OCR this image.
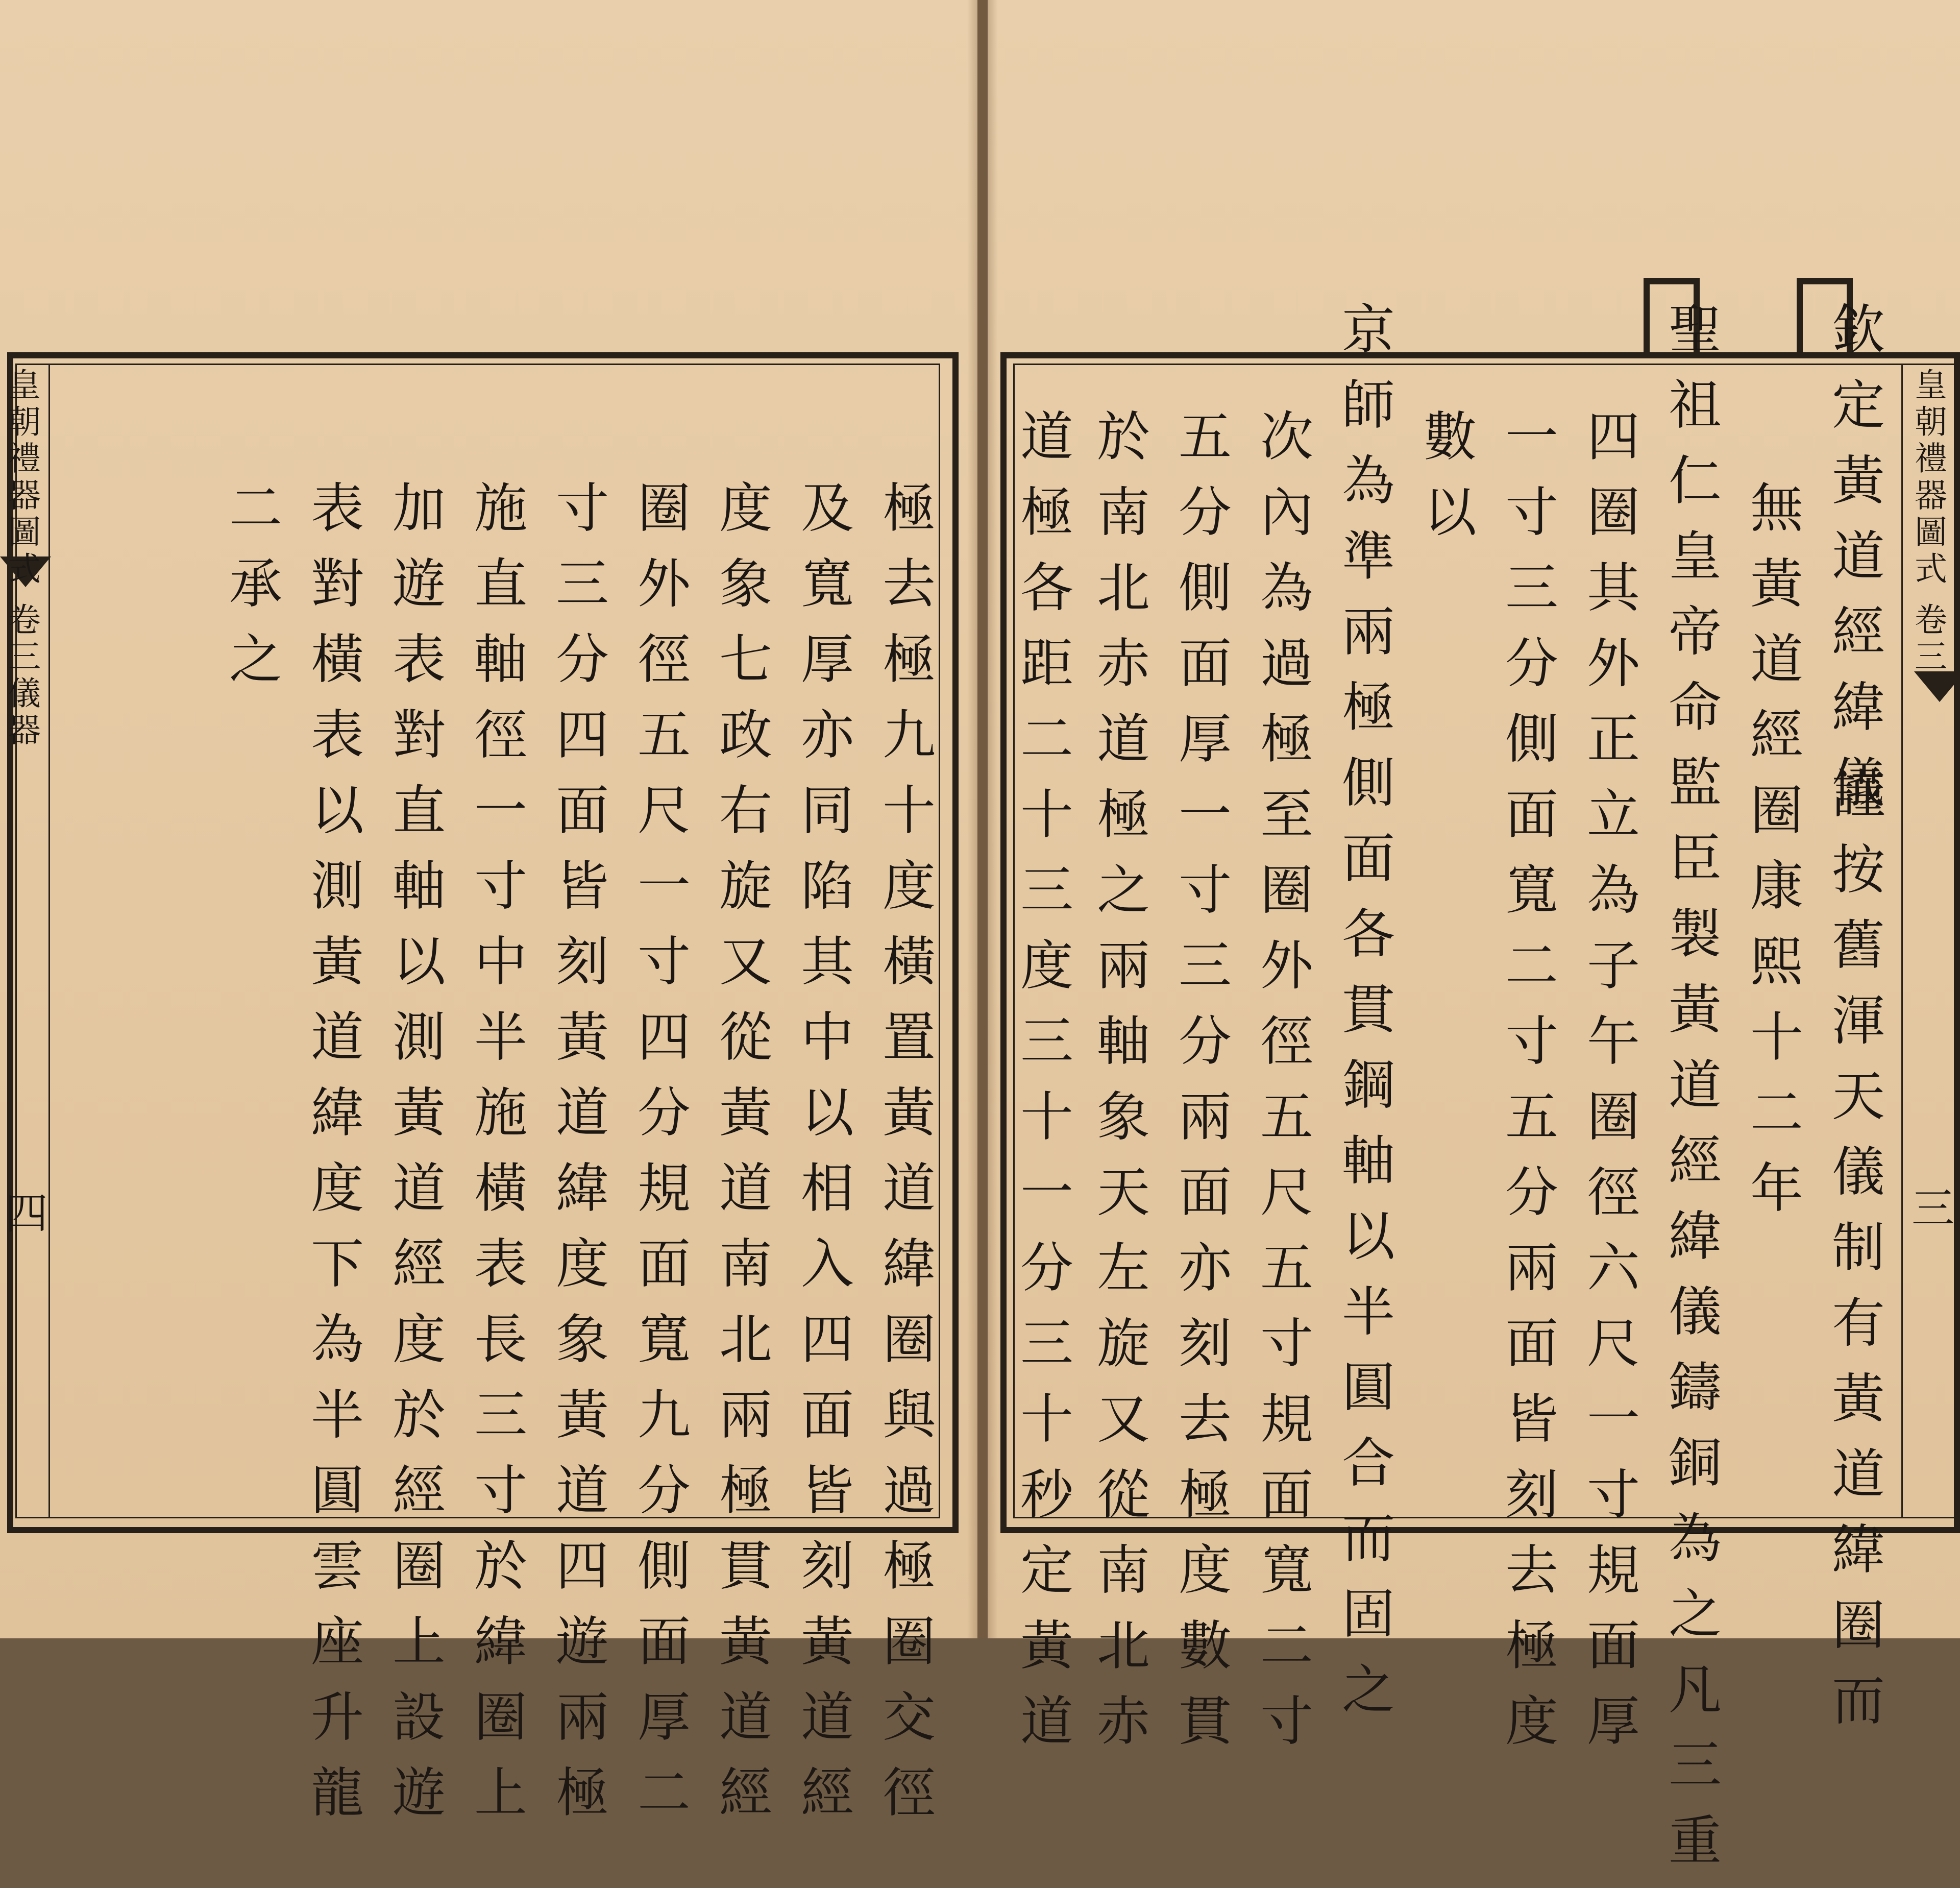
皇朝禮器圖式
卷三儀器
四
皇朝禮器圖式
卷三
三
極去極九十度橫置黃道緯圈與過極圈交徑
及寬厚亦同陷其中以相入四面皆刻黃道經
度象七政右旋又從黃道南北兩極貫黃道經
圈外徑五尺一寸四分規面寬九分側面厚二
寸三分四面皆刻黃道緯度象黃道四遊兩極
施直軸徑一寸中半施橫表長三寸於緯圈上
加遊表對直軸以測黃道經度於經圈上設遊
表對橫表以測黃道緯度下為半圓雲座升龍
二承之	欽定黃道經緯儀
謹按舊渾天儀制有黃道緯圈而
無黃道經圈康熙十二年
聖祖仁皇帝命監臣製黃道經緯儀鑄銅為之凡三重
四圈其外正立為子午圈徑六尺一寸規面厚
一寸三分側面寬二寸五分兩面皆刻去極度
數以
京師為準兩極側面各貫鋼軸以半圓合而固之
次內為過極至圈外徑五尺五寸規面寬二寸
五分側面厚一寸三分兩面亦刻去極度數貫
於南北赤道極之兩軸象天左旋又從南北赤
道極各距二十三度三十一分三十秒定黃道
